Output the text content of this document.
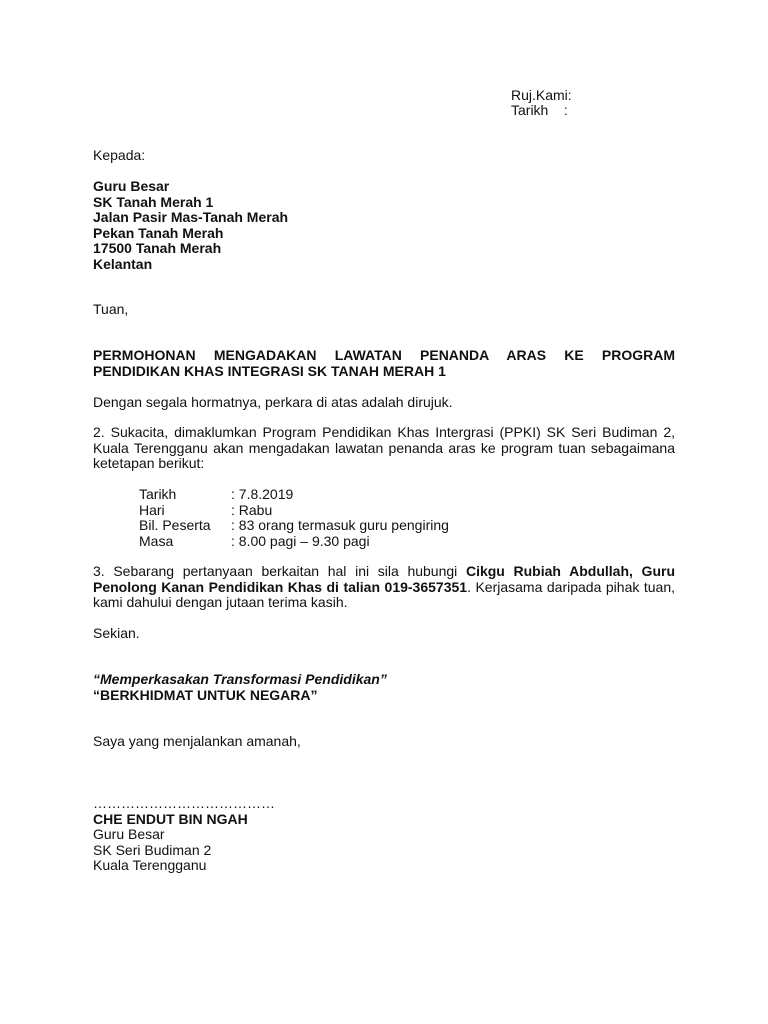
Ruj.Kami:
Tarikh    :
Kepada:
Guru Besar
SK Tanah Merah 1
Jalan Pasir Mas-Tanah Merah
Pekan Tanah Merah
17500 Tanah Merah
Kelantan
Tuan,
PERMOHONAN MENGADAKAN LAWATAN PENANDA ARAS KE PROGRAM
PENDIDIKAN KHAS INTEGRASI SK TANAH MERAH 1
Dengan segala hormatnya, perkara di atas adalah dirujuk.
2. Sukacita, dimaklumkan Program Pendidikan Khas Intergrasi (PPKI) SK Seri Budiman 2, Kuala Terengganu akan mengadakan lawatan penanda aras ke program tuan sebagaimana ketetapan berikut:
Tarikh	: 7.8.2019
Hari	: Rabu
Bil. Peserta	: 83 orang termasuk guru pengiring
Masa	: 8.00 pagi – 9.30 pagi
3. Sebarang pertanyaan berkaitan hal ini sila hubungi Cikgu Rubiah Abdullah, Guru Penolong Kanan Pendidikan Khas di talian 019-3657351. Kerjasama daripada pihak tuan, kami dahului dengan jutaan terima kasih.
Sekian.
“Memperkasakan Transformasi Pendidikan”
“BERKHIDMAT UNTUK NEGARA”
Saya yang menjalankan amanah,
…………………………………
CHE ENDUT BIN NGAH
Guru Besar
SK Seri Budiman 2
Kuala Terengganu
